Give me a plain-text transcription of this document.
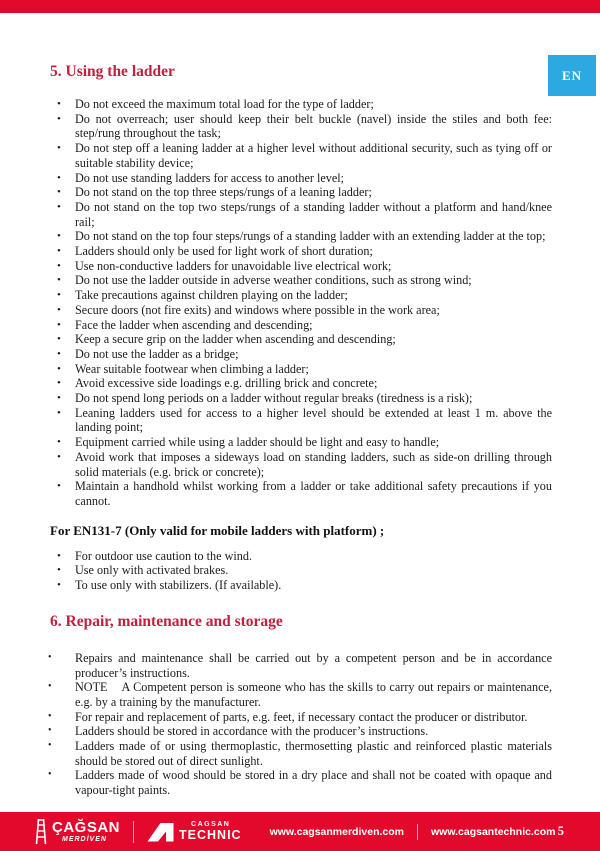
EN
5. Using the ladder
• Do not exceed the maximum total load for the type of ladder;
• Do not overreach; user should keep their belt buckle (navel) inside the stiles and both fee: step/rung throughout the task;
• Do not step off a leaning ladder at a higher level without additional security, such as tying off or suitable stability device;
• Do not use standing ladders for access to another level;
• Do not stand on the top three steps/rungs of a leaning ladder;
• Do not stand on the top two steps/rungs of a standing ladder without a platform and hand/knee rail;
• Do not stand on the top four steps/rungs of a standing ladder with an extending ladder at the top;
• Ladders should only be used for light work of short duration;
• Use non-conductive ladders for unavoidable live electrical work;
• Do not use the ladder outside in adverse weather conditions, such as strong wind;
• Take precautions against children playing on the ladder;
• Secure doors (not fire exits) and windows where possible in the work area;
• Face the ladder when ascending and descending;
• Keep a secure grip on the ladder when ascending and descending;
• Do not use the ladder as a bridge;
• Wear suitable footwear when climbing a ladder;
• Avoid excessive side loadings e.g. drilling brick and concrete;
• Do not spend long periods on a ladder without regular breaks (tiredness is a risk);
• Leaning ladders used for access to a higher level should be extended at least 1 m. above the landing point;
• Equipment carried while using a ladder should be light and easy to handle;
• Avoid work that imposes a sideways load on standing ladders, such as side-on drilling through solid materials (e.g. brick or concrete);
• Maintain a handhold whilst working from a ladder or take additional safety precautions if you cannot.
For EN131-7 (Only valid for mobile ladders with platform) ;
• For outdoor use caution to the wind.
• Use only with activated brakes.
• To use only with stabilizers. (If available).
6. Repair, maintenance and storage
• Repairs and maintenance shall be carried out by a competent person and be in accordance producer’s instructions.
• NOTE    A Competent person is someone who has the skills to carry out repairs or maintenance, e.g. by a training by the manufacturer.
• For repair and replacement of parts, e.g. feet, if necessary contact the producer or distributor.
• Ladders should be stored in accordance with the producer’s instructions.
• Ladders made of or using thermoplastic, thermosetting plastic and reinforced plastic materials should be stored out of direct sunlight.
• Ladders made of wood should be stored in a dry place and shall not be coated with opaque and vapour-tight paints.
ÇAĞSAN
MERDİVEN
CAGSAN
TECHNIC	www.cagsanmerdiven.com	www.cagsantechnic.com 5
